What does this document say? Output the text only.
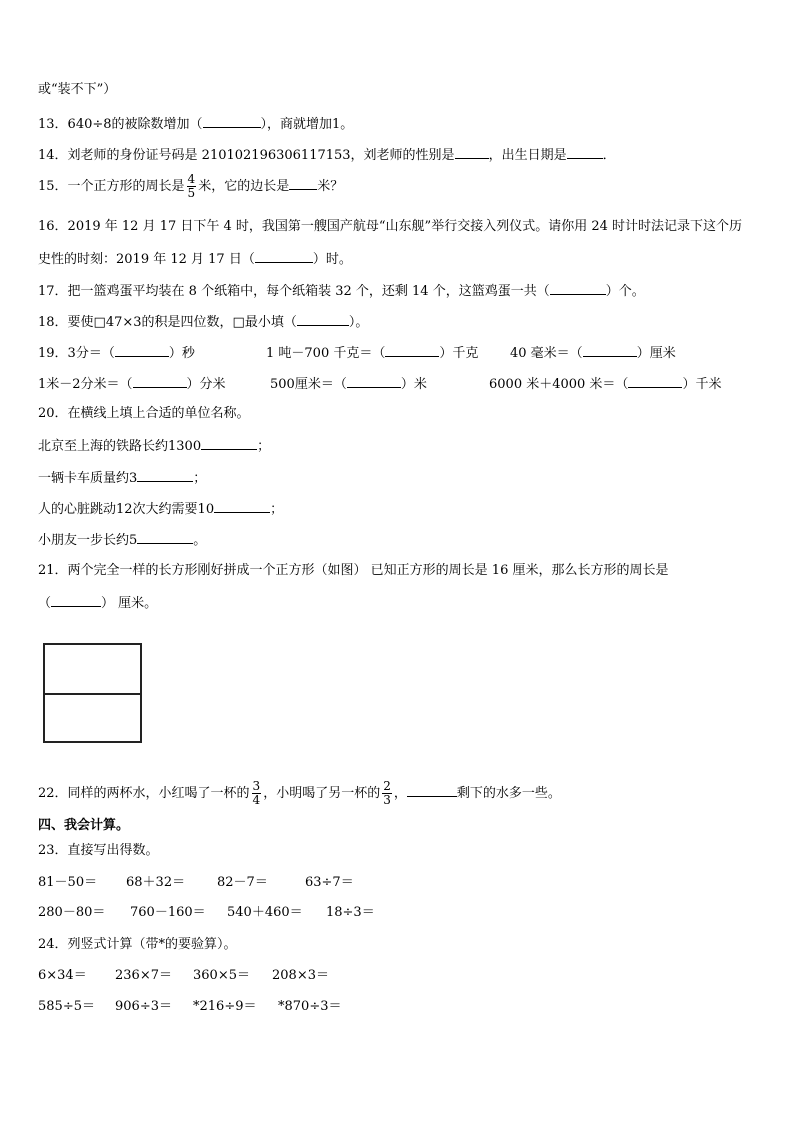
或“装不下”）
13．640÷8的被除数增加（	），商就增加1。
14．刘老师的身份证号码是 210102196306117153，刘老师的性别是	，出生日期是	．
15．一个正方形的周长是 $\frac{4}{5}$ 米，它的边长是 米？
16．2019 年 12 月 17 日下午 4 时，我国第一艘国产航母“山东舰”举行交接入列仪式。请你用 24 时计时法记录下这个历
史性的时刻：2019 年 12 月 17 日（	）时。
17．把一篮鸡蛋平均装在 8 个纸箱中，每个纸箱装 32 个，还剩 14 个，这篮鸡蛋一共（	）个。
18．要使□47×3的积是四位数，□最小填（	）。
19．3分＝（	）秒	1 吨－700 千克＝（	）千克 40 毫米＝（	）厘米
1米－2分米＝（	）分米	500厘米＝（	）米	6000 米＋4000 米＝（	）千米
20．在横线上填上合适的单位名称。
北京至上海的铁路长约1300	；
一辆卡车质量约3	；
人的心脏跳动12次大约需要10	；
小朋友一步长约5	。
21．两个完全一样的长方形刚好拼成一个正方形（如图） 已知正方形的周长是 16 厘米，那么长方形的周长是
（	） 厘米。
22．同样的两杯水，小红喝了一杯的 $\frac{3}{4}$ ，小明喝了另一杯的 $\frac{2}{3}$ ，	剩下的水多一些。
四、我会计算。
23．直接写出得数。
81－50＝ 68＋32＝ 82－7＝	63÷7＝
280－80＝ 760－160＝ 540＋460＝ 18÷3＝
24．列竖式计算（带*的要验算）。
6×34＝ 236×7＝ 360×5＝ 208×3＝
585÷5＝ 906÷3＝ *216÷9＝ *870÷3＝
